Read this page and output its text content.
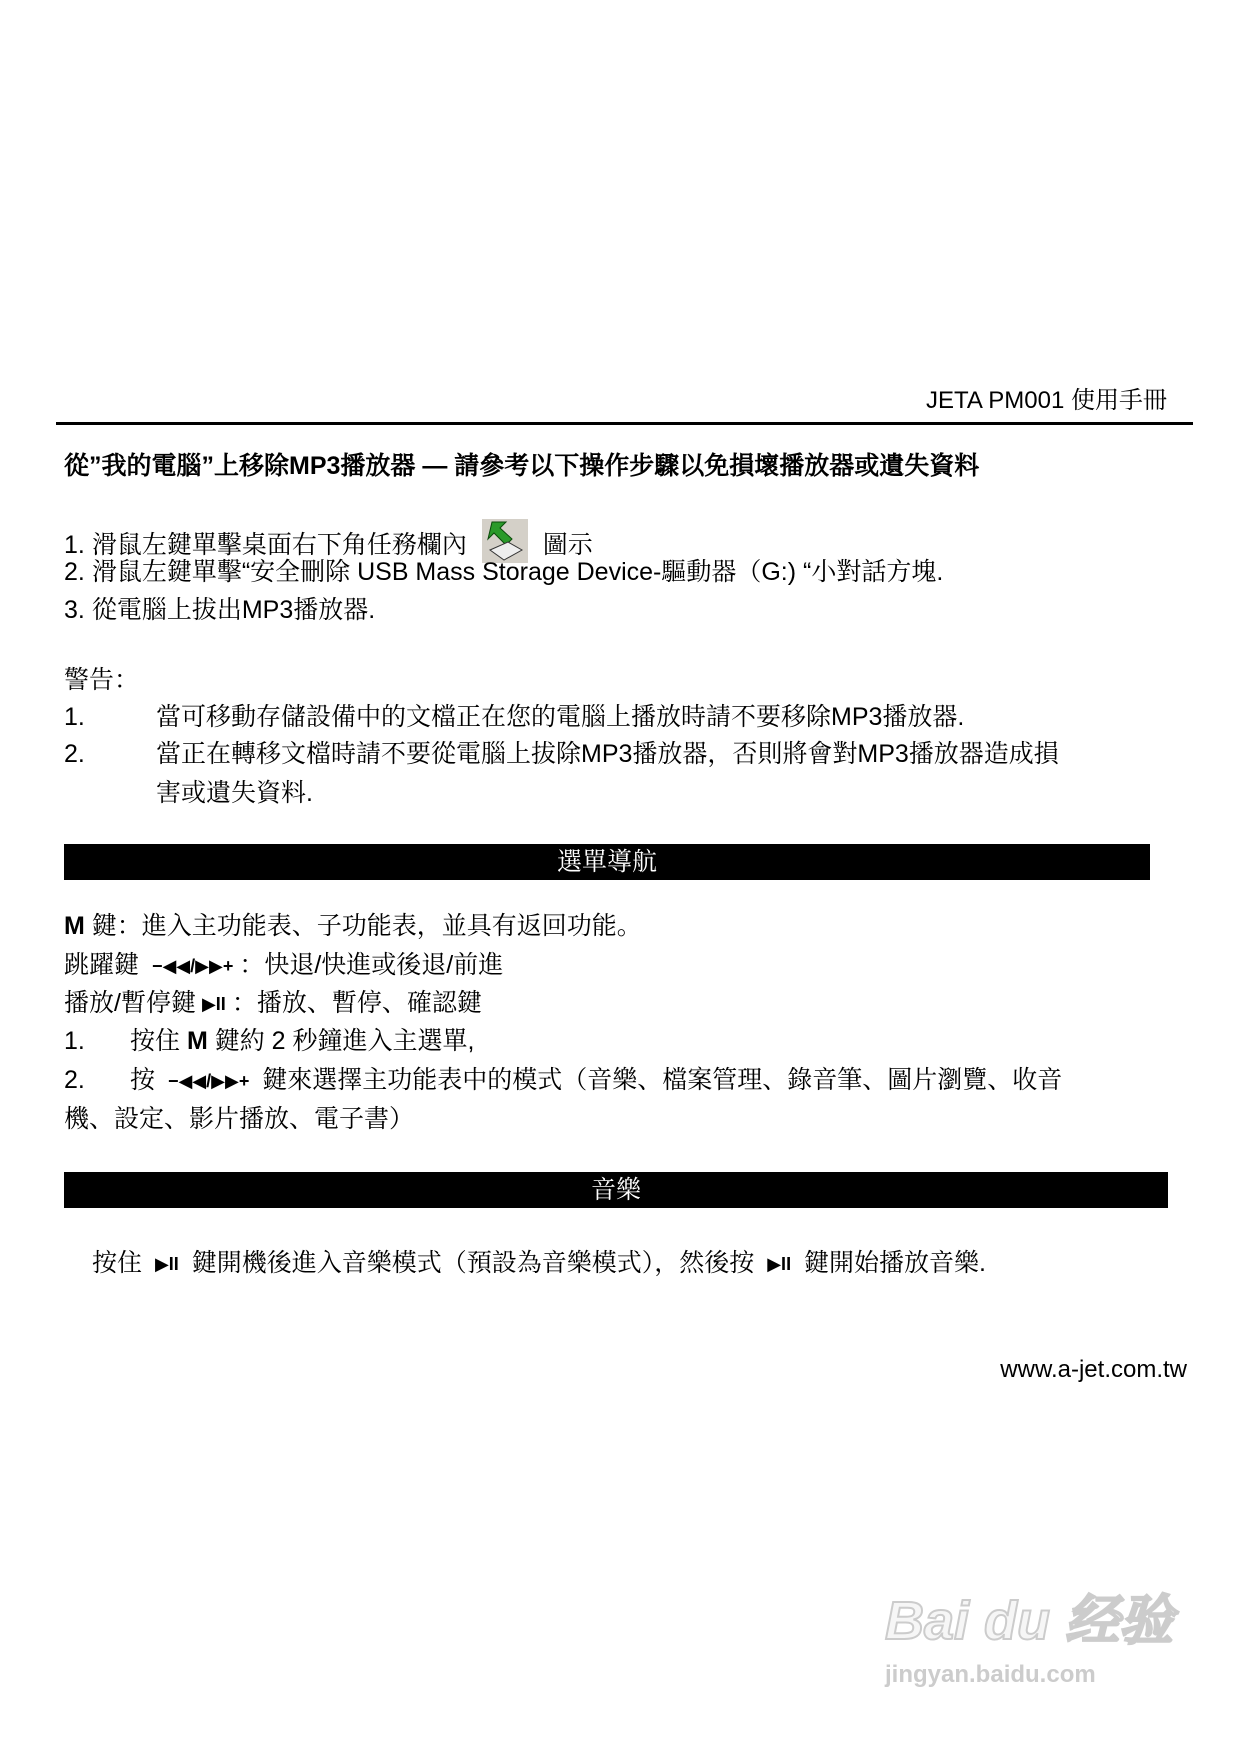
JETA PM001 使用手冊
從”我的電腦”上移除MP3播放器 — 請參考以下操作步驟以免損壞播放器或遺失資料
1. 滑鼠左鍵單擊桌面右下角任務欄內	圖示
2. 滑鼠左鍵單擊“安全刪除 USB Mass Storage Device-驅動器（G:) “小對話方塊.
3. 從電腦上拔出MP3播放器.
警告：
1.	當可移動存儲設備中的文檔正在您的電腦上播放時請不要移除MP3播放器.
2.	當正在轉移文檔時請不要從電腦上拔除MP3播放器，否則將會對MP3播放器造成損
害或遺失資料.
選單導航
M 鍵：進入主功能表、子功能表，並具有返回功能。
跳躍鍵 −◀◀/▶▶+ ：快退/快進或後退/前進
播放/暫停鍵 ▶II ：播放、暫停、確認鍵
1. 按住 M 鍵約 2 秒鐘進入主選單,
2. 按 −◀◀/▶▶+ 鍵來選擇主功能表中的模式（音樂、檔案管理、錄音筆、圖片瀏覽、收音
機、設定、影片播放、電子書）
音樂
按住 ▶II 鍵開機後進入音樂模式（預設為音樂模式），然後按 ▶II 鍵開始播放音樂.
www.a-jet.com.tw
Bai du 经验
jingyan.baidu.com
